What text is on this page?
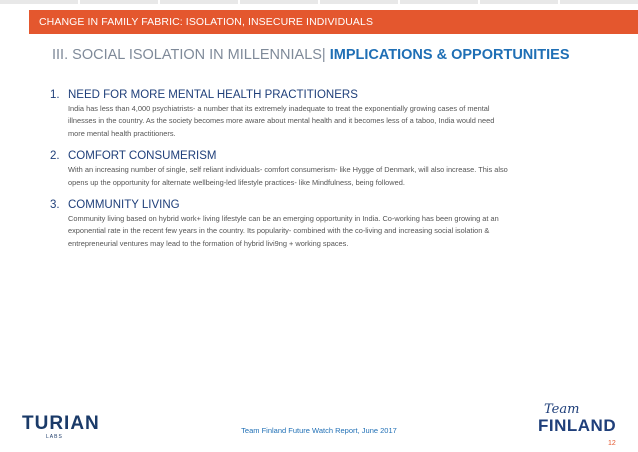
CHANGE IN FAMILY FABRIC: ISOLATION, INSECURE INDIVIDUALS
III. SOCIAL ISOLATION IN MILLENNIALS| IMPLICATIONS & OPPORTUNITIES
1. NEED FOR MORE MENTAL HEALTH PRACTITIONERS
India has less than 4,000 psychiatrists- a number that its extremely inadequate to treat the exponentially growing cases of mental illnesses in the country. As the society becomes more aware about mental health and it becomes less of a taboo, India would need more mental health practitioners.
2. COMFORT CONSUMERISM
With an increasing number of single, self reliant individuals- comfort consumerism- like Hygge of Denmark, will also increase. This also opens up the opportunity for alternate wellbeing-led lifestyle practices- like Mindfulness, being followed.
3. COMMUNITY LIVING
Community living based on hybrid work+ living lifestyle can be an emerging opportunity in India. Co-working has been growing at an exponential rate in the recent few years in the country. Its popularity- combined with the co-living and increasing social isolation & entrepreneurial ventures may lead to the formation of hybrid livi9ng + working spaces.
TURIAN
LABS
Team Finland Future Watch Report, June 2017
Team
FINLAND
12
